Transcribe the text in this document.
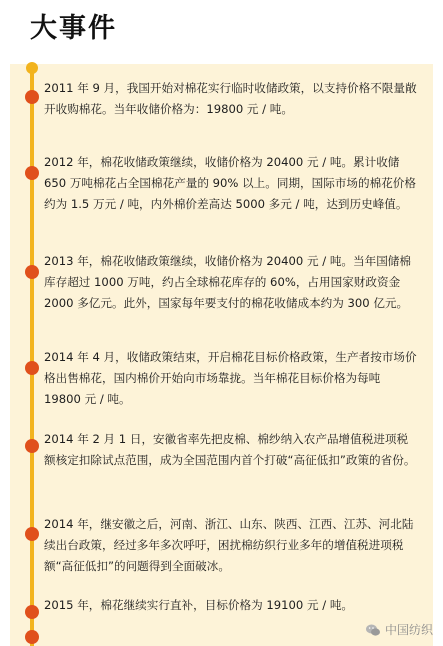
大事件
2011 年 9 月，我国开始对棉花实行临时收储政策，以支持价格不限量敞开收购棉花。当年收储价格为：19800 元 / 吨。
2012 年，棉花收储政策继续，收储价格为 20400 元 / 吨。累计收储 650 万吨棉花占全国棉花产量的 90% 以上。同期，国际市场的棉花价格约为 1.5 万元 / 吨，内外棉价差高达 5000 多元 / 吨，达到历史峰值。
2013 年，棉花收储政策继续，收储价格为 20400 元 / 吨。当年国储棉库存超过 1000 万吨，约占全球棉花库存的 60%，占用国家财政资金 2000 多亿元。此外，国家每年要支付的棉花收储成本约为 300 亿元。
2014 年 4 月，收储政策结束，开启棉花目标价格政策，生产者按市场价格出售棉花，国内棉价开始向市场靠拢。当年棉花目标价格为每吨 19800 元 / 吨。
2014 年 2 月 1 日，安徽省率先把皮棉、棉纱纳入农产品增值税进项税额核定扣除试点范围，成为全国范围内首个打破“高征低扣”政策的省份。
2014 年，继安徽之后，河南、浙江、山东、陕西、江西、江苏、河北陆续出台政策，经过多年多次呼吁，困扰棉纺织行业多年的增值税进项税额“高征低扣”的问题得到全面破冰。
2015 年，棉花继续实行直补，目标价格为 19100 元 / 吨。
中国纺织
